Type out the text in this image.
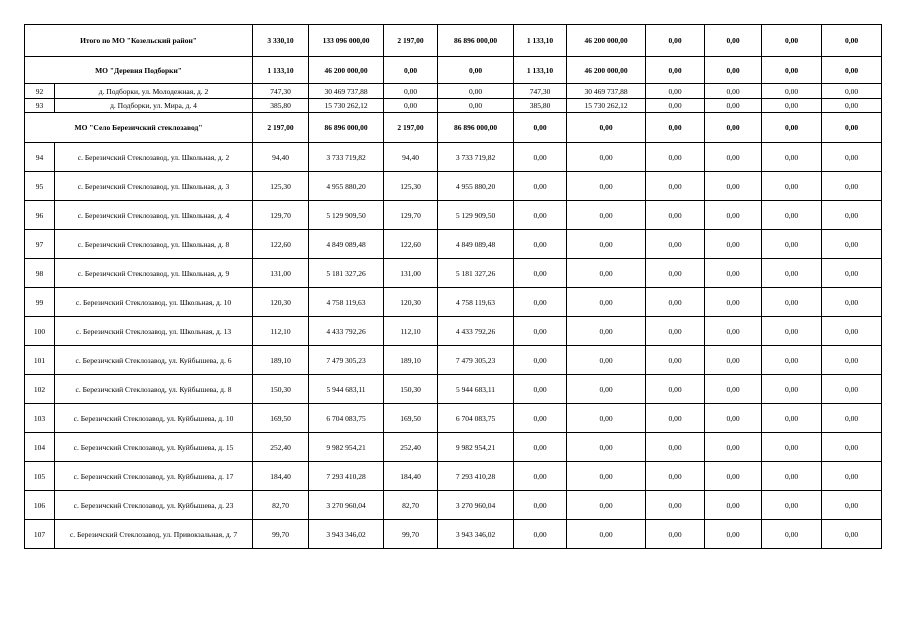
Итого по МО "Козельский район"		3 330,10	133 096 000,00	2 197,00	86 896 000,00	1 133,10	46 200 000,00	0,00	0,00	0,00	0,00
МО "Деревня Подборки"		1 133,10	46 200 000,00	0,00	0,00	1 133,10	46 200 000,00	0,00	0,00	0,00	0,00
92	д. Подборки, ул. Молодежная, д. 2	747,30	30 469 737,88	0,00	0,00	747,30	30 469 737,88	0,00	0,00	0,00	0,00
93	д. Подборки, ул. Мира, д. 4	385,80	15 730 262,12	0,00	0,00	385,80	15 730 262,12	0,00	0,00	0,00	0,00
МО "Село Березичский стеклозавод"		2 197,00	86 896 000,00	2 197,00	86 896 000,00	0,00	0,00	0,00	0,00	0,00	0,00
94	с. Березичский Стеклозавод, ул. Школьная, д. 2	94,40	3 733 719,82	94,40	3 733 719,82	0,00	0,00	0,00	0,00	0,00	0,00
95	с. Березичский Стеклозавод, ул. Школьная, д. 3	125,30	4 955 880,20	125,30	4 955 880,20	0,00	0,00	0,00	0,00	0,00	0,00
96	с. Березичский Стеклозавод, ул. Школьная, д. 4	129,70	5 129 909,50	129,70	5 129 909,50	0,00	0,00	0,00	0,00	0,00	0,00
97	с. Березичский Стеклозавод, ул. Школьная, д. 8	122,60	4 849 089,48	122,60	4 849 089,48	0,00	0,00	0,00	0,00	0,00	0,00
98	с. Березичский Стеклозавод, ул. Школьная, д. 9	131,00	5 181 327,26	131,00	5 181 327,26	0,00	0,00	0,00	0,00	0,00	0,00
99	с. Березичский Стеклозавод, ул. Школьная, д. 10	120,30	4 758 119,63	120,30	4 758 119,63	0,00	0,00	0,00	0,00	0,00	0,00
100	с. Березичский Стеклозавод, ул. Школьная, д. 13	112,10	4 433 792,26	112,10	4 433 792,26	0,00	0,00	0,00	0,00	0,00	0,00
101	с. Березичский Стеклозавод, ул. Куйбышева, д. 6	189,10	7 479 305,23	189,10	7 479 305,23	0,00	0,00	0,00	0,00	0,00	0,00
102	с. Березичский Стеклозавод, ул. Куйбышева, д. 8	150,30	5 944 683,11	150,30	5 944 683,11	0,00	0,00	0,00	0,00	0,00	0,00
103	с. Березичский Стеклозавод, ул. Куйбышева, д. 10	169,50	6 704 083,75	169,50	6 704 083,75	0,00	0,00	0,00	0,00	0,00	0,00
104	с. Березичский Стеклозавод, ул. Куйбышева, д. 15	252,40	9 982 954,21	252,40	9 982 954,21	0,00	0,00	0,00	0,00	0,00	0,00
105	с. Березичский Стеклозавод, ул. Куйбышева, д. 17	184,40	7 293 410,28	184,40	7 293 410,28	0,00	0,00	0,00	0,00	0,00	0,00
106	с. Березичский Стеклозавод, ул. Куйбышева, д. 23	82,70	3 270 960,04	82,70	3 270 960,04	0,00	0,00	0,00	0,00	0,00	0,00
107	с. Березичский Стеклозавод, ул. Привокзальная, д. 7	99,70	3 943 346,02	99,70	3 943 346,02	0,00	0,00	0,00	0,00	0,00	0,00
